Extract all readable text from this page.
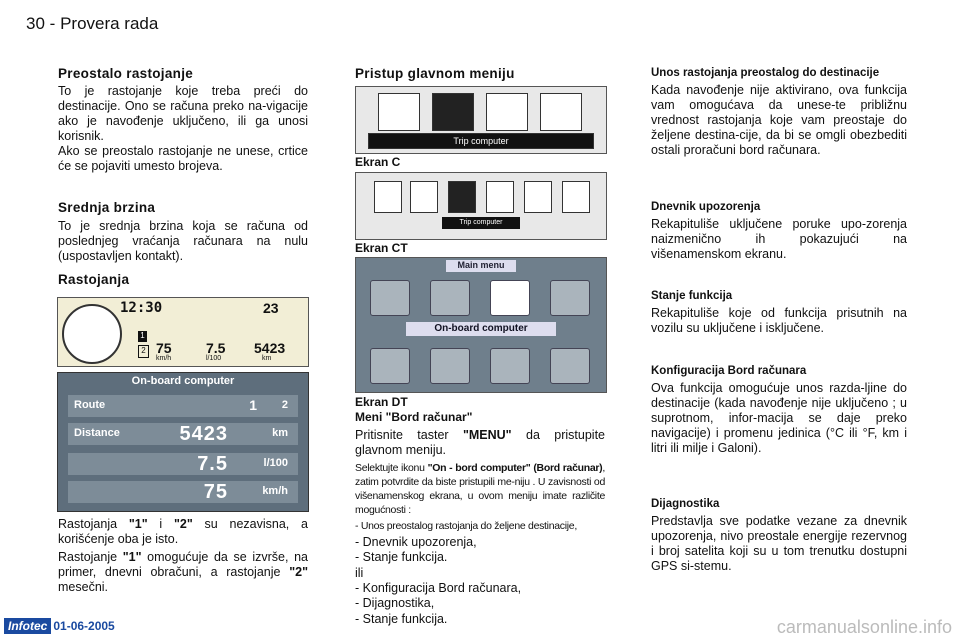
30 - Provera rada
Preostalo rastojanje

To je rastojanje koje treba preći do destinacije. Ono se računa preko na-vigacije ako je navođenje uključeno, ili ga unosi korisnik.

Ako se preostalo rastojanje ne unese, crtice će se pojaviti umesto brojeva.

Srednja brzina

To je srednja brzina koja se računa od poslednjeg vraćanja računara na nulu (uspostavljen kontakt).

Rastojanja
12:30	23
75 7.5 5423
km/h	l/100	km
1
2
On-board computer
Route	1 2
Distance	5423	km
7.5	l/100
75	km/h

Rastojanja "1" i "2" su nezavisna, a korišćenje oba je isto.

Rastojanje "1" omogućuje da se izvrše, na primer, dnevni obračuni, a rastojanje "2" mesečni.

Pristup glavnom meniju
Trip computer
Ekran C
Trip computer
Ekran CT
Main menu
On-board computer
Ekran DT
Meni "Bord računar"

Pritisnite taster "MENU" da pristupite glavnom meniju.

Selektujte ikonu "On - bord computer" (Bord računar), zatim potvrdite da biste pristupili me-niju . U zavisnosti od višenamenskog ekrana, u ovom meniju imate različite mogućnosti :

- Unos preostalog rastojanja do željene destinacije,
- Dnevnik upozorenja,
- Stanje funkcija.
ili
- Konfiguracija Bord računara,
- Dijagnostika,
- Stanje funkcija.
Unos rastojanja preostalog do destinacije

Kada navođenje nije aktivirano, ova funkcija vam omogućava da unese-te približnu vrednost rastojanja koje vam preostaje do željene destina-cije, da bi se omgli obezbediti ostali proračuni bord računara.

Dnevnik upozorenja

Rekapituliše uključene poruke upo-zorenja naizmenično ih pokazujući na višenamenskom ekranu.

Stanje funkcija

Rekapituliše koje od funkcija prisutnih na vozilu su uključene i isključene.

Konfiguracija Bord računara

Ova funkcija omogućuje unos razda-ljine do destinacije (kada navođenje nije uključeno ; u suprotnom, infor-macija se daje preko navigacije) i promenu jedinica (°C ili °F, km i litri ili milje i Galoni).

Dijagnostika

Predstavlja sve podatke vezane za dnevnik upozorenja, nivo preostale energije rezervnog i broj satelita koji su u tom trenutku dostupni GPS si-stemu.

Infotec 01-06-2005	carmanualsonline.info
